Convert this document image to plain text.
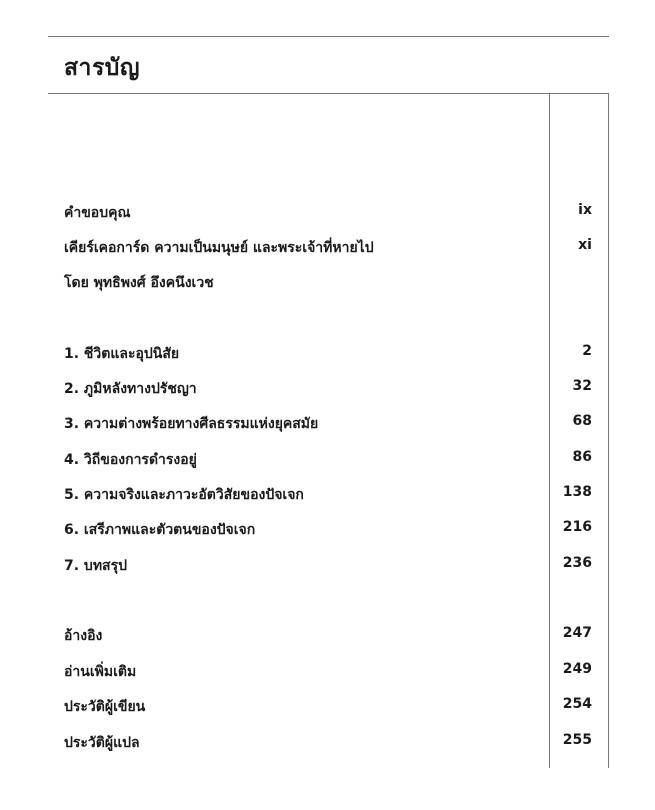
สารบัญ
คำขอบคุณ	ix
เคียร์เคอการ์ด ความเป็นมนุษย์ และพระเจ้าที่หายไป	xi
โดย พุทธิพงศ์ อึงคนึงเวช
1. ชีวิตและอุปนิสัย	2
2. ภูมิหลังทางปรัชญา	32
3. ความต่างพร้อยทางศีลธรรมแห่งยุคสมัย	68
4. วิถีของการดำรงอยู่	86
5. ความจริงและภาวะอัตวิสัยของปัจเจก	138
6. เสรีภาพและตัวตนของปัจเจก	216
7. บทสรุป	236
อ้างอิง	247
อ่านเพิ่มเติม	249
ประวัติผู้เขียน	254
ประวัติผู้แปล	255
